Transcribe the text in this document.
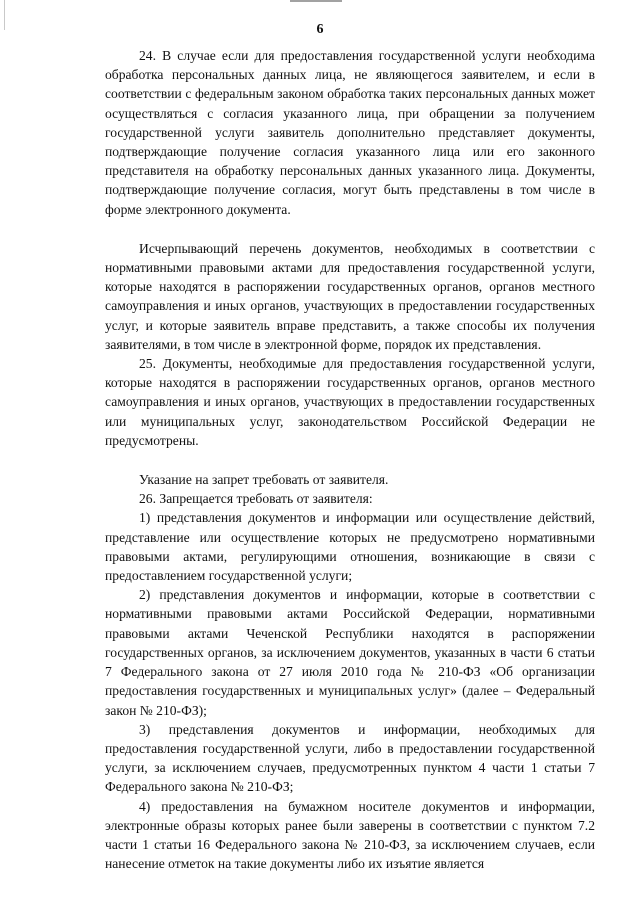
6

24. В случае если для предоставления государственной услуги необходима обработка персональных данных лица, не являющегося заявителем, и если в соответствии с федеральным законом обработка таких персональных данных может осуществляться с согласия указанного лица, при обращении за получением государственной услуги заявитель дополнительно представляет документы, подтверждающие получение согласия указанного лица или его законного представителя на обработку персональных данных указанного лица. Документы, подтверждающие получение согласия, могут быть представлены в том числе в форме электронного документа.

Исчерпывающий перечень документов, необходимых в соответствии с нормативными правовыми актами для предоставления государственной услуги, которые находятся в распоряжении государственных органов, органов местного самоуправления и иных органов, участвующих в предоставлении государственных услуг, и которые заявитель вправе представить, а также способы их получения заявителями, в том числе в электронной форме, порядок их представления.

25. Документы, необходимые для предоставления государственной услуги, которые находятся в распоряжении государственных органов, органов местного самоуправления и иных органов, участвующих в предоставлении государственных или муниципальных услуг, законодательством Российской Федерации не предусмотрены.

Указание на запрет требовать от заявителя.

26. Запрещается требовать от заявителя:

1) представления документов и информации или осуществление действий, представление или осуществление которых не предусмотрено нормативными правовыми актами, регулирующими отношения, возникающие в связи с предоставлением государственной услуги;

2) представления документов и информации, которые в соответствии с нормативными правовыми актами Российской Федерации, нормативными правовыми актами Чеченской Республики находятся в распоряжении государственных органов, за исключением документов, указанных в части 6 статьи 7 Федерального закона от 27 июля 2010 года № 210-ФЗ «Об организации предоставления государственных и муниципальных услуг» (далее – Федеральный закон № 210-ФЗ);

3) представления документов и информации, необходимых для предоставления государственной услуги, либо в предоставлении государственной услуги, за исключением случаев, предусмотренных пунктом 4 части 1 статьи 7 Федерального закона № 210-ФЗ;

4) предоставления на бумажном носителе документов и информации, электронные образы которых ранее были заверены в соответствии с пунктом 7.2 части 1 статьи 16 Федерального закона № 210-ФЗ, за исключением случаев, если нанесение отметок на такие документы либо их изъятие является
